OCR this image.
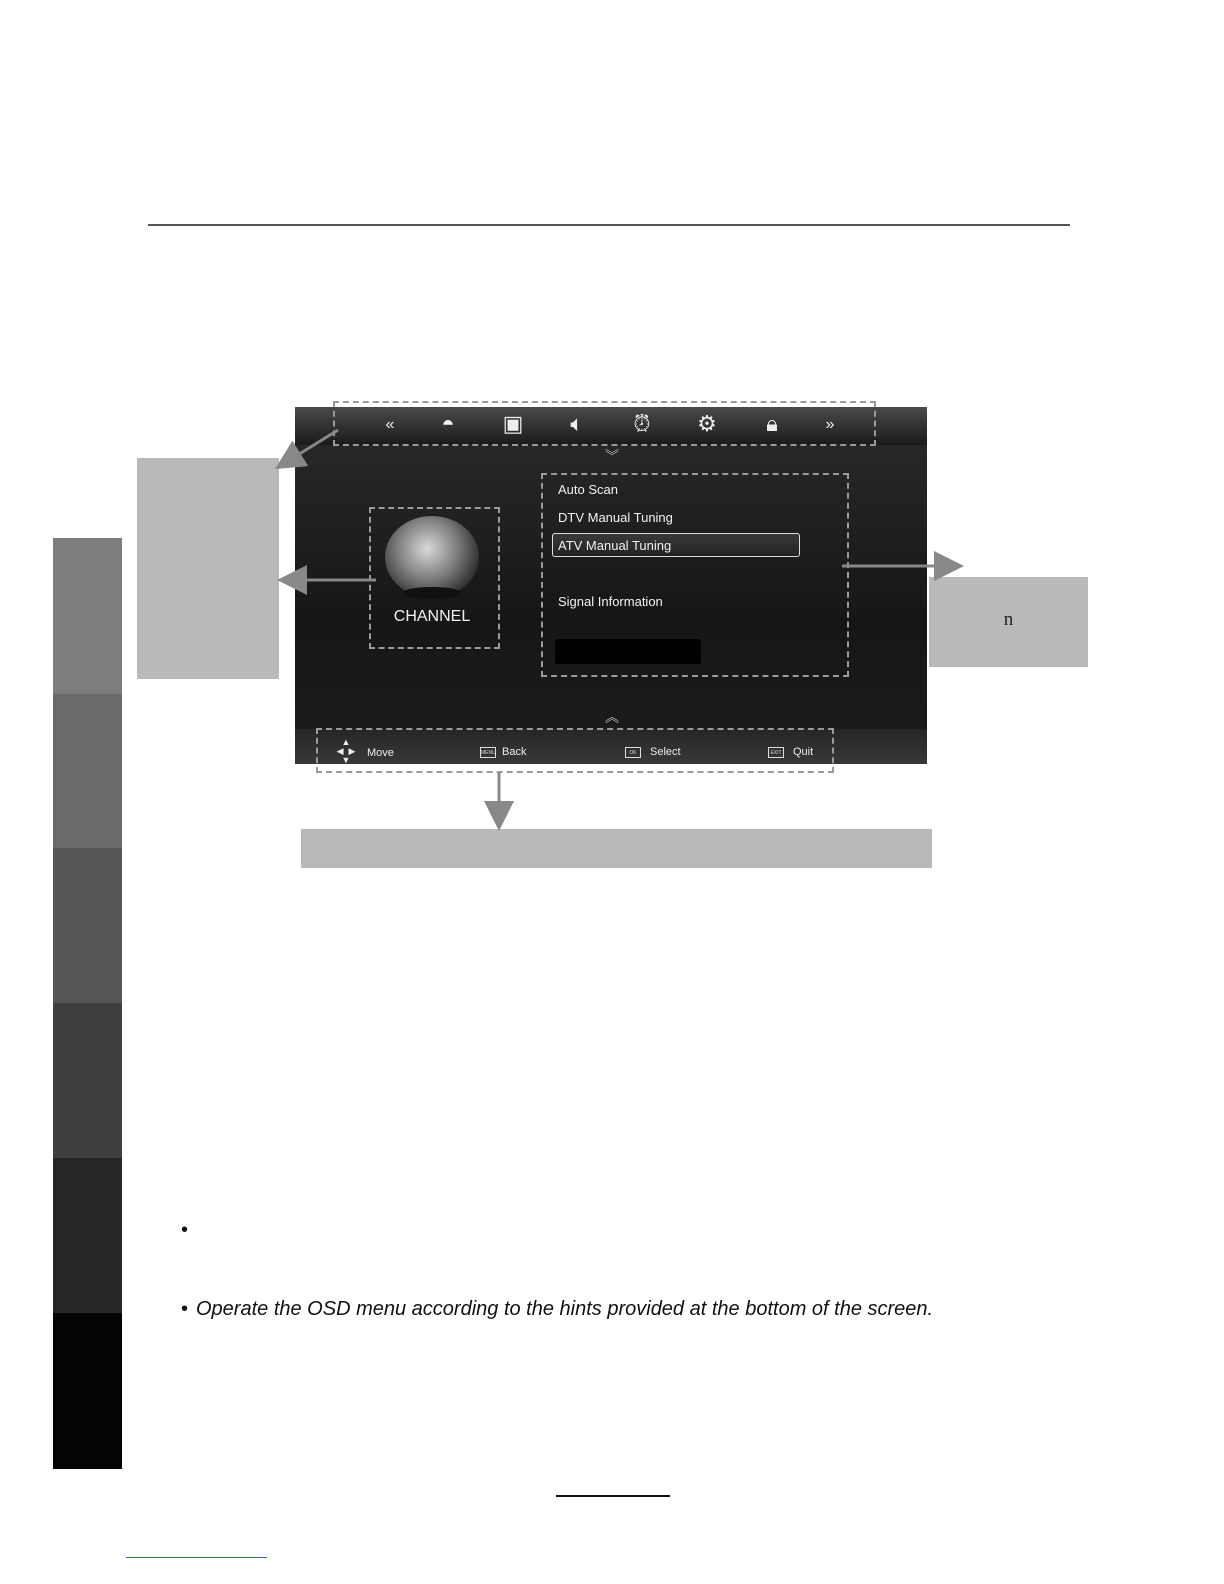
n
«	◓	▣	🔈︎	⏰︎ ⚙	🔒︎	»
︾
︽
CHANNEL
Auto Scan
DTV Manual Tuning
ATV Manual Tuning
Signal Information
▲
◀  ▶
▼
Move	MENU Back	OK	Select	EXIT Quit
•
• Operate the OSD menu according to the hints provided at the bottom of the screen.
